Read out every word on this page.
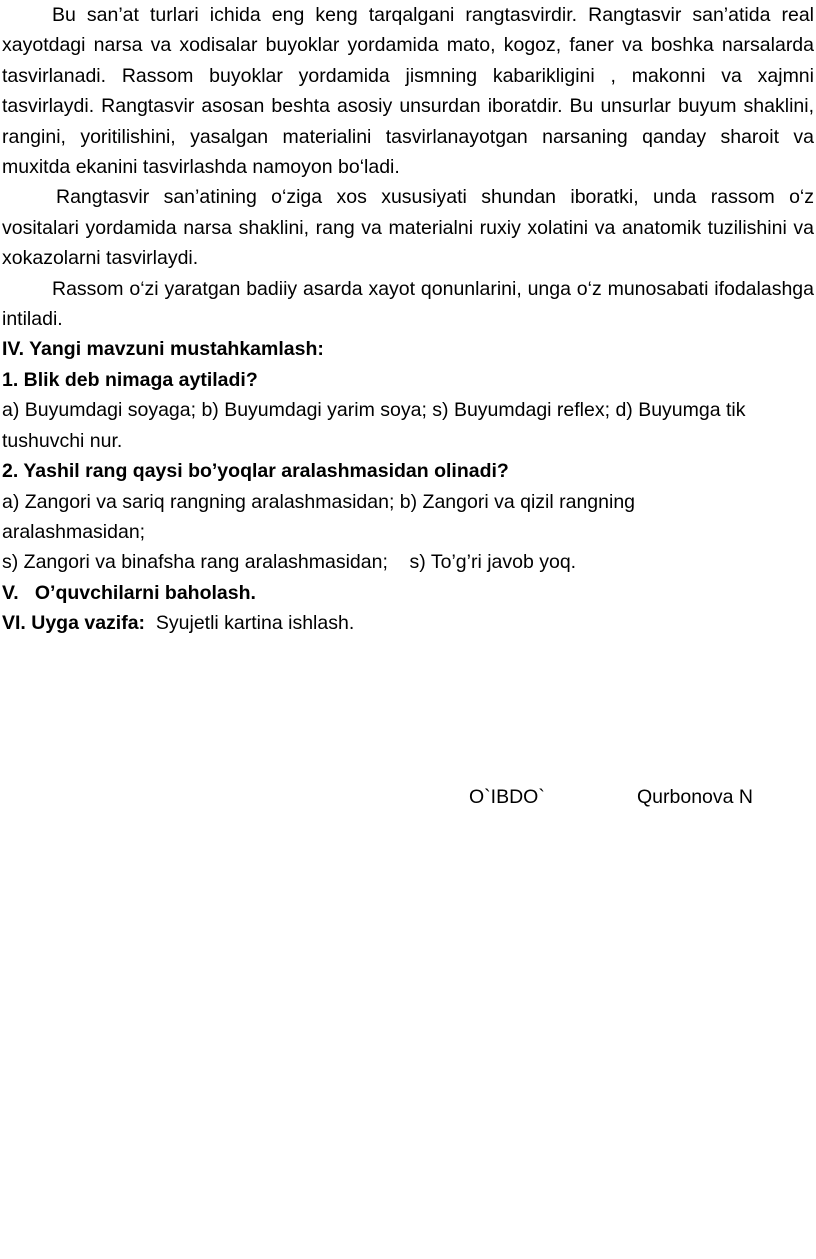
Bu san’at turlari ichida eng keng tarqalgani rangtasvirdir. Rangtasvir san’atida real xayotdagi narsa va xodisalar buyoklar yordamida mato, kogoz, faner va boshka narsalarda tasvirlanadi. Rassom buyoklar yordamida jismning kabarikligini , makonni va xajmni tasvirlaydi. Rangtasvir asosan beshta asosiy unsurdan iboratdir. Bu unsurlar buyum shaklini, rangini, yoritilishini, yasalgan materialini tasvirlanayotgan narsaning qanday sharoit va muxitda ekanini tasvirlashda namoyon bo‘ladi.

Rangtasvir san’atining o‘ziga xos xususiyati shundan iboratki, unda rassom o‘z vositalari yordamida narsa shaklini, rang va materialni ruxiy xolatini va anatomik tuzilishini va xokazolarni tasvirlaydi.

Rassom o‘zi yaratgan badiiy asarda xayot qonunlarini, unga o‘z munosabati ifodalashga intiladi.

IV. Yangi mavzuni mustahkamlash:

1. Blik deb nimaga aytiladi?

a) Buyumdagi soyaga; b) Buyumdagi yarim soya; s) Buyumdagi reflex; d) Buyumga tik tushuvchi nur.

2. Yashil rang qaysi bo’yoqlar aralashmasidan olinadi?

a) Zangori va sariq rangning aralashmasidan; b) Zangori va qizil rangning aralashmasidan;

s) Zangori va binafsha rang aralashmasidan;    s) To’g’ri javob yoq.

V.   O’quvchilarni baholash.

VI. Uyga vazifa:  Syujetli kartina ishlash.

O`IBDO`	Qurbonova N
